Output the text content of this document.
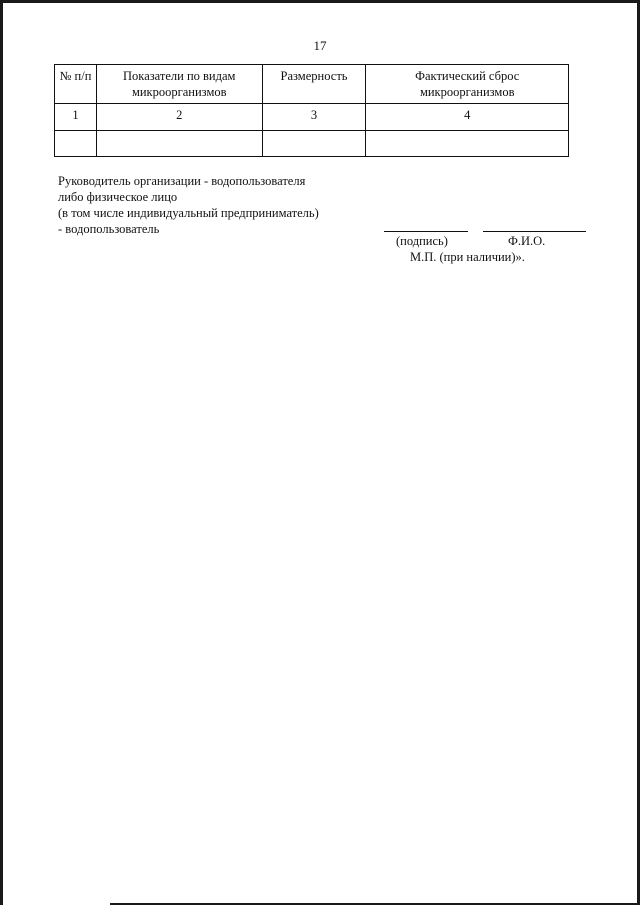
17
№ п/п	Показатели по видам микроорганизмов	Размерность	Фактический сброс микроорганизмов
1	2	3	4

Руководитель организации - водопользователя
либо физическое лицо
(в том числе индивидуальный предприниматель)
- водопользователь
(подпись)	Ф.И.О.
М.П. (при наличии)».
